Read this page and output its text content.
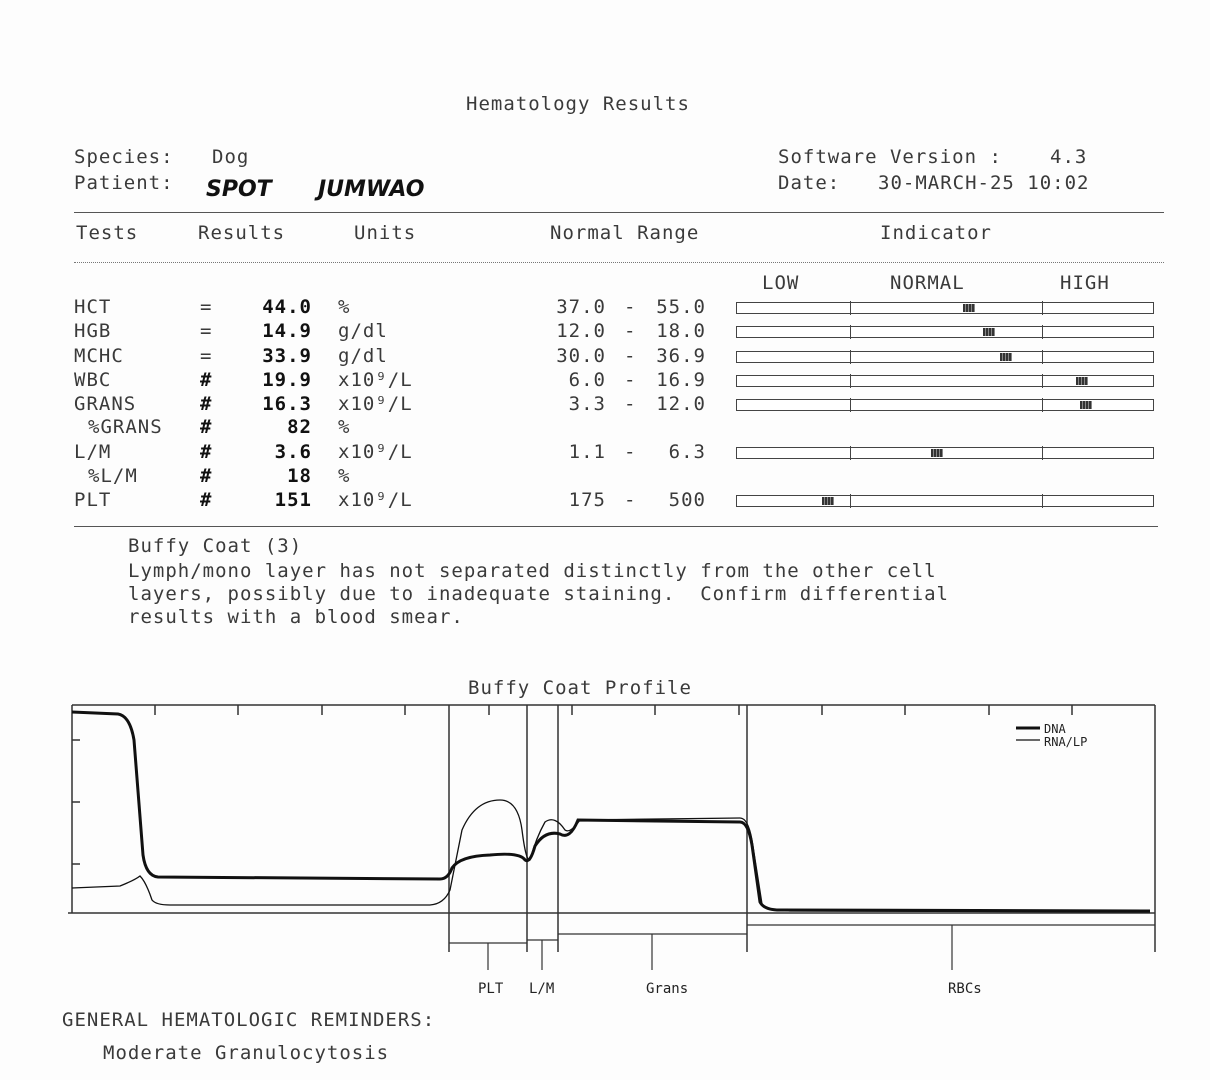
Hematology Results
Species: Dog
Patient: SPOT JUMWAO
Software Version :	4.3
Date: 30-MARCH-25 10:02
Tests	Results	Units	Normal Range	Indicator
LOW	NORMAL	HIGH
HCT	=	44.0 %	37.0 -	55.0
HGB	=	14.9 g/dl	12.0 -	18.0
MCHC	=	33.9 g/dl	30.0 -	36.9
WBC	#	19.9 x10⁹/L	6.0 -	16.9
GRANS	#	16.3 x10⁹/L	3.3 -	12.0
%GRANS #	82 %
L/M	#	3.6 x10⁹/L	1.1 -	6.3
%L/M	#	18 %
PLT	#	151 x10⁹/L	175 -	500
Buffy Coat (3)
Lymph/mono layer has not separated distinctly from the other cell
layers, possibly due to inadequate staining.  Confirm differential
results with a blood smear.
Buffy Coat Profile
DNA
RNA/LP
PLT L/M	Grans	RBCs
GENERAL HEMATOLOGIC REMINDERS:
Moderate Granulocytosis
